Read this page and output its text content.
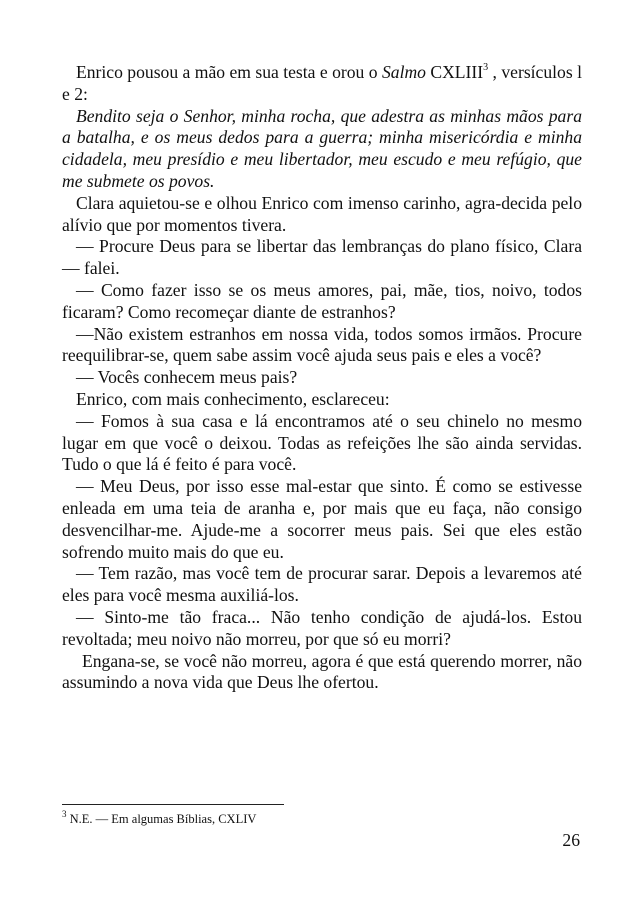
Enrico pousou a mão em sua testa e orou o Salmo CXLIII$^3$ , versículos l e 2:

Bendito seja o Senhor, minha rocha, que adestra as minhas mãos para a batalha, e os meus dedos para a guerra; minha misericórdia e minha cidadela, meu presídio e meu libertador, meu escudo e meu refúgio, que me submete os povos.

Clara aquietou-se e olhou Enrico com imenso carinho, agra-decida pelo alívio que por momentos tivera.

— Procure Deus para se libertar das lembranças do plano físico, Clara — falei.

— Como fazer isso se os meus amores, pai, mãe, tios, noivo, todos ficaram? Como recomeçar diante de estranhos?

—Não existem estranhos em nossa vida, todos somos irmãos. Procure reequilibrar-se, quem sabe assim você ajuda seus pais e eles a você?

— Vocês conhecem meus pais?

Enrico, com mais conhecimento, esclareceu:

— Fomos à sua casa e lá encontramos até o seu chinelo no mesmo lugar em que você o deixou. Todas as refeições lhe são ainda servidas. Tudo o que lá é feito é para você.

— Meu Deus, por isso esse mal-estar que sinto. É como se estivesse enleada em uma teia de aranha e, por mais que eu faça, não consigo desvencilhar-me. Ajude-me a socorrer meus pais. Sei que eles estão sofrendo muito mais do que eu.

— Tem razão, mas você tem de procurar sarar. Depois a levaremos até eles para você mesma auxiliá-los.

— Sinto-me tão fraca... Não tenho condição de ajudá-los. Estou revoltada; meu noivo não morreu, por que só eu morri?

Engana-se, se você não morreu, agora é que está querendo morrer, não assumindo a nova vida que Deus lhe ofertou.

$^3$ N.E. — Em algumas Bíblias, CXLIV
26
